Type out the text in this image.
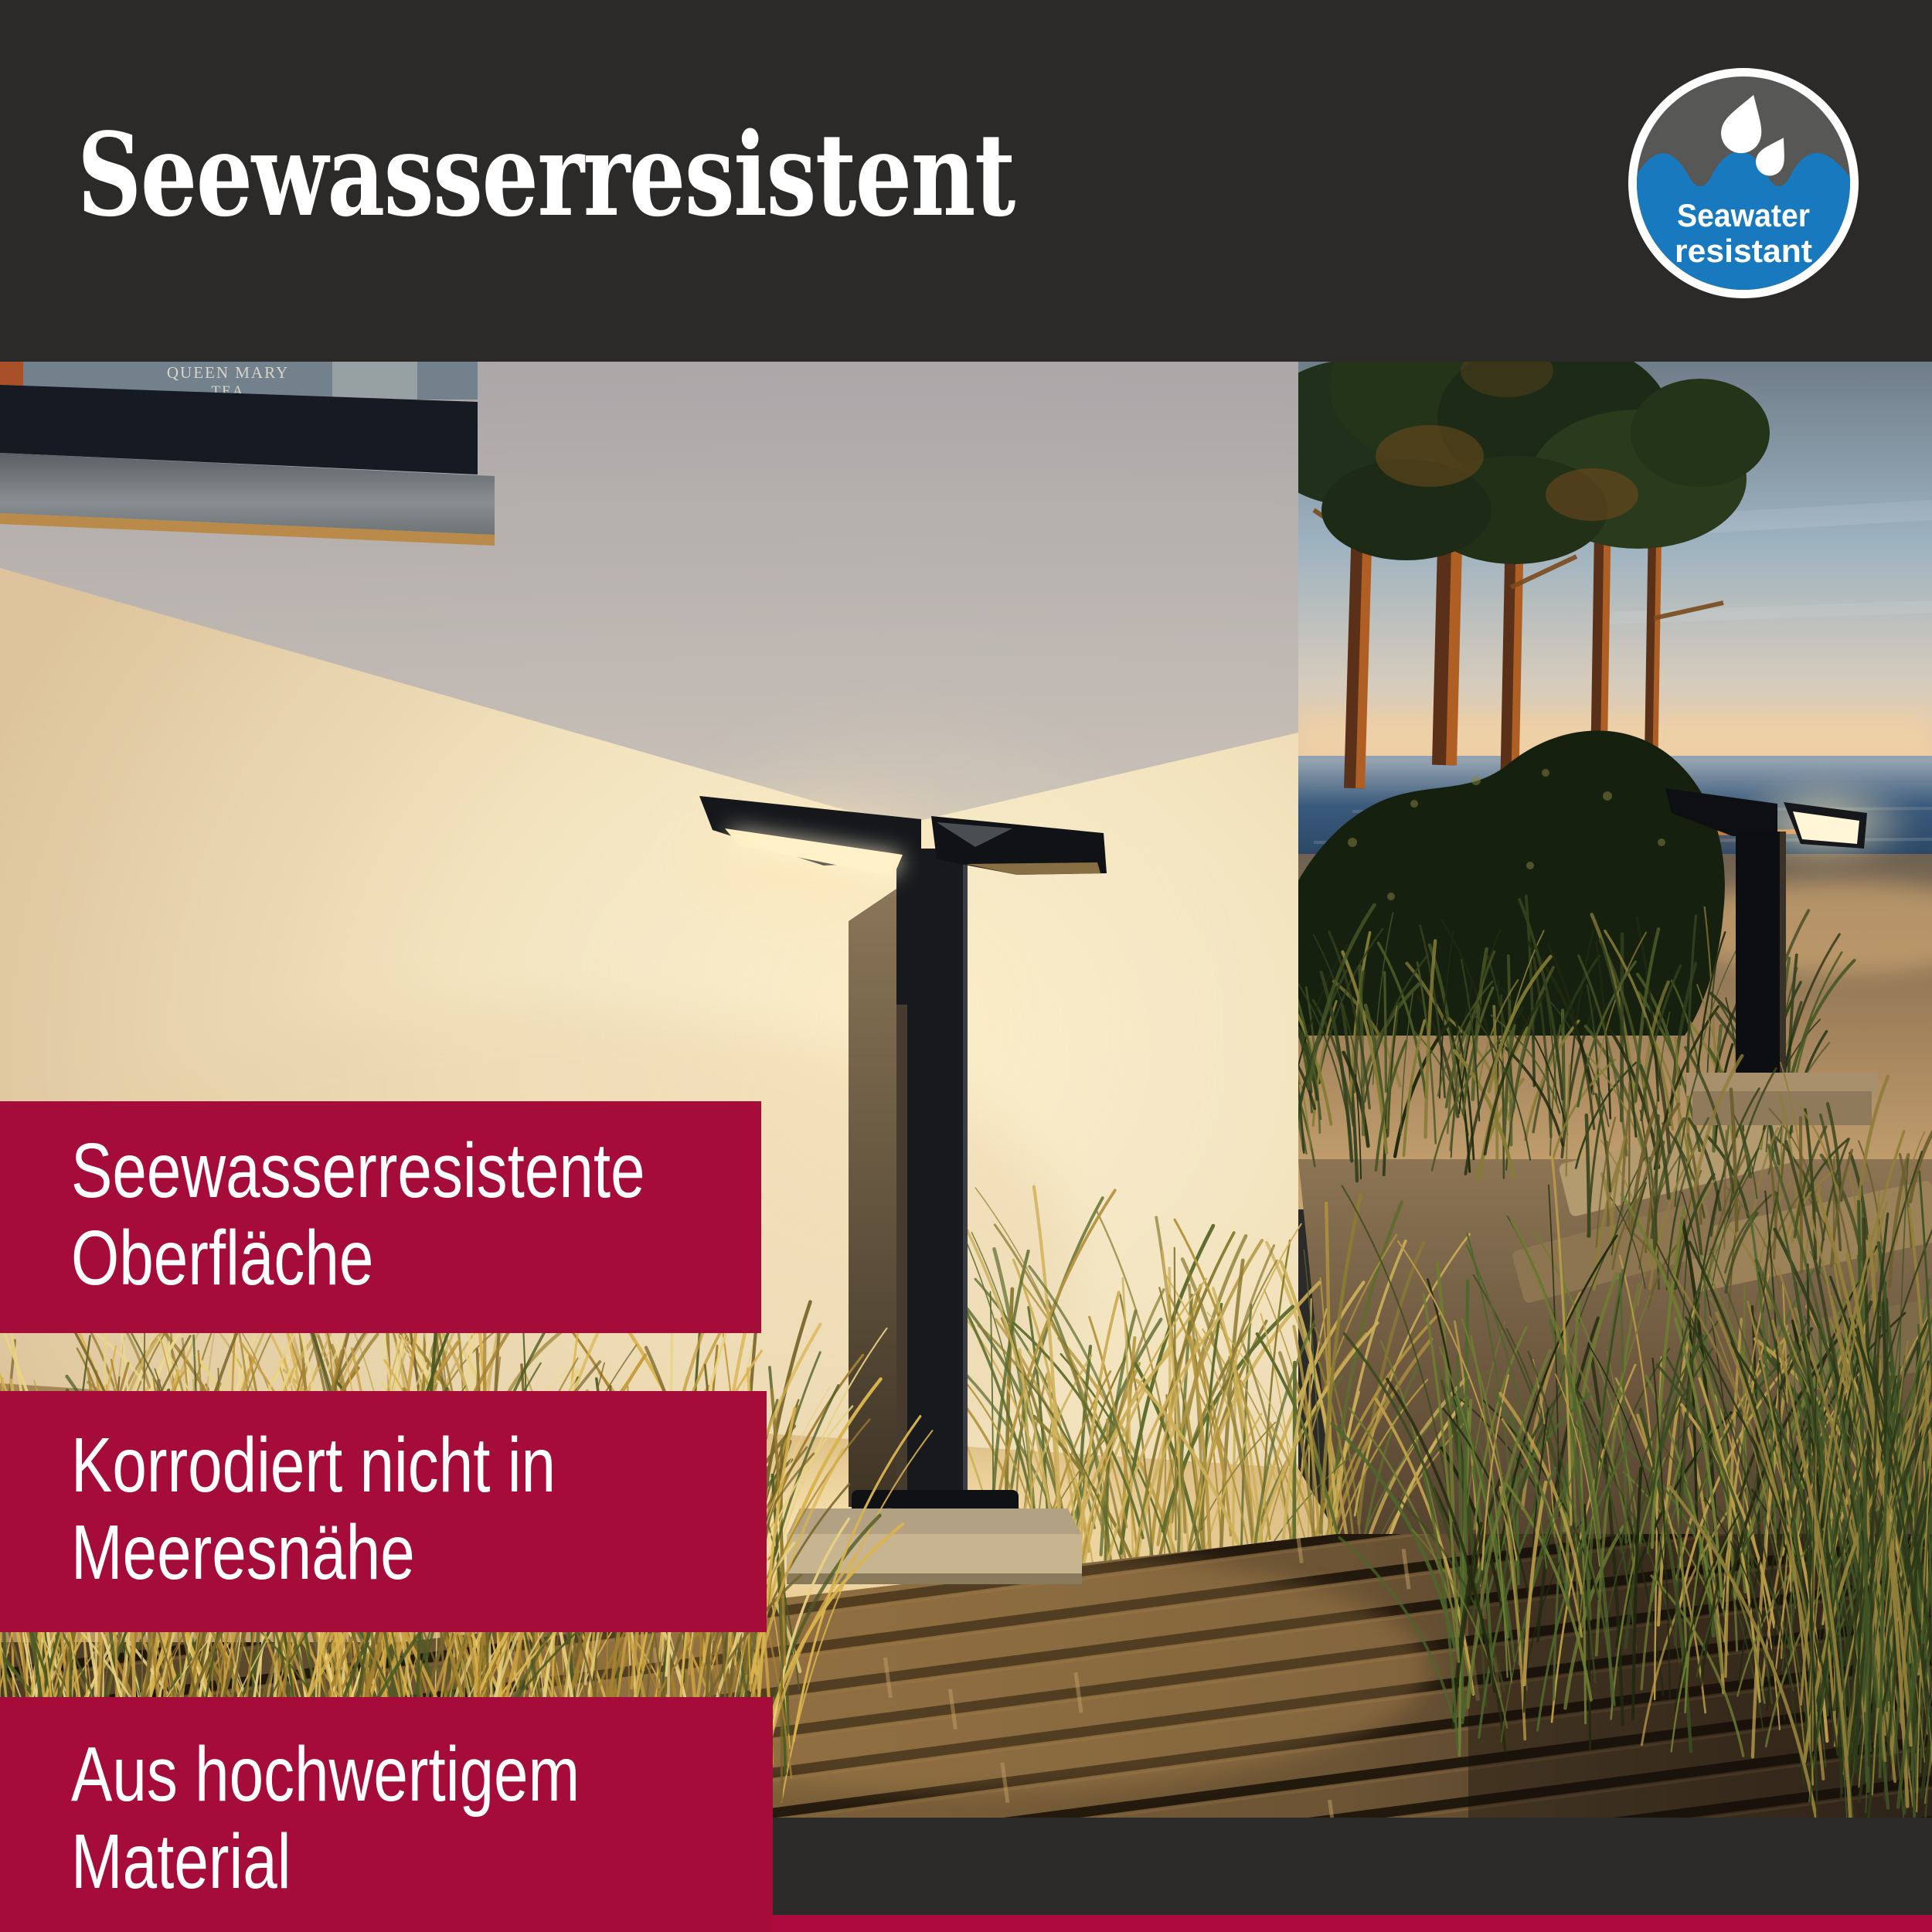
QUEEN MARY
TEA
Seewasserresistent	Seawater
resistant
Seewasserresistente Oberfläche
Korrodiert nicht in Meeresnähe
Aus hochwertigem Material
